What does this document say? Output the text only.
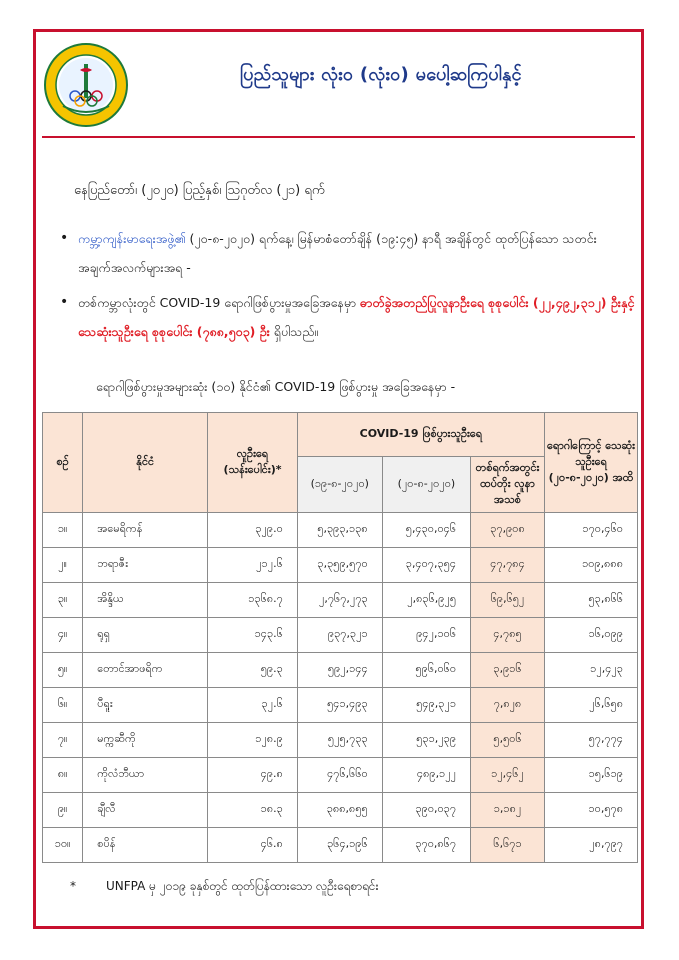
ပြည်သူများ လုံး၀ (လုံး၀) မပေါ့ဆကြပါနှင့်
နေပြည်တော်၊ (၂၀၂၀) ပြည့်နှစ်၊ ဩဂုတ်လ (၂၁) ရက်
• ကမ္ဘာ့ကျန်းမာရေးအဖွဲ့၏ (၂၀-၈-၂၀၂၀) ရက်နေ့၊ မြန်မာစံတော်ချိန် (၁၉:၄၅) နာရီ အချိန်တွင် ထုတ်ပြန်သော သတင်းအချက်အလက်များအရ -
• တစ်ကမ္ဘာလုံးတွင် COVID-19 ရောဂါဖြစ်ပွားမှုအခြေအနေမှာ ဓာတ်ခွဲအတည်ပြုလူနာဦးရေ စုစုပေါင်း (၂၂,၄၉၂,၃၁၂) ဦးနှင့် သေဆုံးသူဦးရေ စုစုပေါင်း (၇၈၈,၅၀၃) ဦး ရှိပါသည်။
ရောဂါဖြစ်ပွားမှုအများဆုံး (၁၀) နိုင်ငံ၏ COVID-19 ဖြစ်ပွားမှု အခြေအနေမှာ -
စဉ်	နိုင်ငံ	လူဦးရေ
(သန်းပေါင်း)*	COVID-19 ဖြစ်ပွားသူဦးရေ			ရောဂါကြောင့် သေဆုံးသူဦးရေ (၂၀-၈-၂၀၂၀) အထိ
			(၁၉-၈-၂၀၂၀)	(၂၀-၈-၂၀၂၀)	တစ်ရက်အတွင်း ထပ်တိုး လူနာ အသစ်	
၁။	အမေရိကန်	၃၂၉.၀	၅,၃၉၃,၁၃၈	၅,၄၃၀,၀၄၆	၃၇,၉၀၈	၁၇၀,၄၆၀
၂။	ဘရာဇီး	၂၁၂.၆	၃,၃၅၉,၅၇၀	၃,၄၀၇,၃၅၄	၄၇,၇၈၄	၁၀၉,၈၈၈
၃။	အိန္ဒိယ	၁၃၆၈.၇	၂,၇၆၇,၂၇၃	၂,၈၃၆,၉၂၅	၆၉,၆၅၂	၅၃,၈၆၆
၄။	ရုရှ	၁၄၃.၆	၉၃၇,၃၂၁	၉၄၂,၁၀၆	၄,၇၈၅	၁၆,၀၉၉
၅။	တောင်အာဖရိက	၅၉.၃	၅၉၂,၁၄၄	၅၉၆,၀၆၀	၃,၉၁၆	၁၂,၄၂၃
၆။	ပီရူး	၃၂.၆	၅၄၁,၄၉၃	၅၄၉,၃၂၁	၇,၈၂၈	၂၆,၆၅၈
၇။	မက္ကဆီကို	၁၂၈.၉	၅၂၅,၇၃၃	၅၃၁,၂၃၉	၅,၅၀၆	၅၇,၇၇၄
၈။	ကိုလံဘီယာ	၄၉.၈	၄၇၆,၆၆၀	၄၈၉,၁၂၂	၁၂,၄၆၂	၁၅,၆၁၉
၉။	ချီလီ	၁၈.၃	၃၈၈,၈၅၅	၃၉၀,၀၃၇	၁,၁၈၂	၁၀,၅၇၈
၁၀။	စပိန်	၄၆.၈	၃၆၄,၁၉၆	၃၇၀,၈၆၇	၆,၆၇၁	၂၈,၇၉၇
*	UNFPA မှ ၂၀၁၉ ခုနှစ်တွင် ထုတ်ပြန်ထားသော လူဦးရေစာရင်း
